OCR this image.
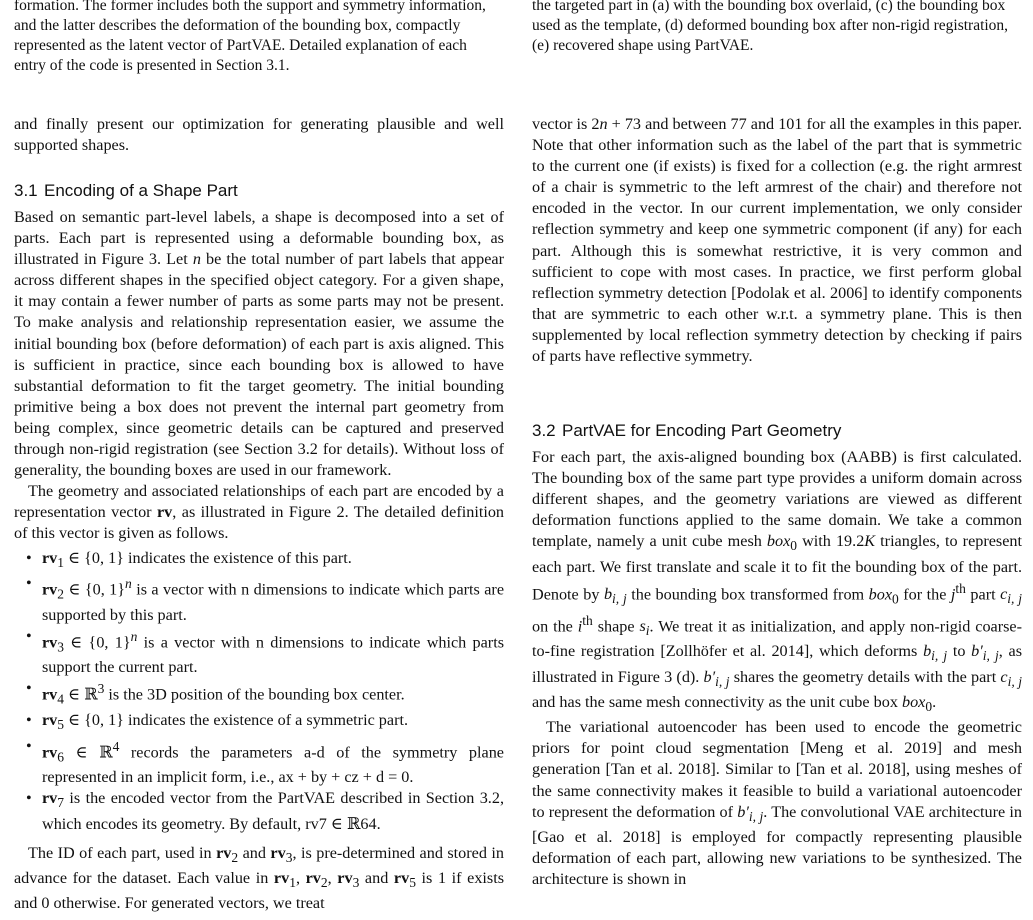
formation. The former includes both the support and symmetry information,

and the latter describes the deformation of the bounding box, compactly

represented as the latent vector of PartVAE. Detailed explanation of each

entry of the code is presented in Section 3.1.

and finally present our optimization for generating plausible and well supported shapes.

3.1 Encoding of a Shape Part

Based on semantic part-level labels, a shape is decomposed into a set of parts. Each part is represented using a deformable bounding box, as illustrated in Figure 3. Let n be the total number of part labels that appear across different shapes in the specified object category. For a given shape, it may contain a fewer number of parts as some parts may not be present. To make analysis and relationship representation easier, we assume the initial bounding box (before deformation) of each part is axis aligned. This is sufficient in practice, since each bounding box is allowed to have substantial deformation to fit the target geometry. The initial bounding primitive being a box does not prevent the internal part geometry from being complex, since geometric details can be captured and preserved through non-rigid registration (see Section 3.2 for details). Without loss of generality, the bounding boxes are used in our framework.

The geometry and associated relationships of each part are encoded by a representation vector rv, as illustrated in Figure 2. The detailed definition of this vector is given as follows.

• $rv_1$ ∈ {0, 1} indicates the existence of this part.
• $rv_2$ ∈ {0, 1}$^n$ is a vector with n dimensions to indicate which parts are supported by this part.
• $rv_3$ ∈ {0, 1}$^n$ is a vector with n dimensions to indicate which parts support the current part.
• $rv_4$ ∈ ℝ$^3$ is the 3D position of the bounding box center.
• $rv_5$ ∈ {0, 1} indicates the existence of a symmetric part.
• $rv_6$ ∈ ℝ$^4$ records the parameters a-d of the symmetry plane represented in an implicit form, i.e., ax + by + cz + d = 0.
• $rv_7$ is the encoded vector from the PartVAE described in Section 3.2, which encodes its geometry. By default, rv7 ∈ ℝ64.

The ID of each part, used in $rv_2$ and $rv_3$, is pre-determined and stored in advance for the dataset. Each value in $rv_1$, $rv_2$, $rv_3$ and $rv_5$ is 1 if exists and 0 otherwise. For generated vectors, we treat

the targeted part in (a) with the bounding box overlaid, (c) the bounding box

used as the template, (d) deformed bounding box after non-rigid registration,

(e) recovered shape using PartVAE.

vector is 2n + 73 and between 77 and 101 for all the examples in this paper. Note that other information such as the label of the part that is symmetric to the current one (if exists) is fixed for a collection (e.g. the right armrest of a chair is symmetric to the left armrest of the chair) and therefore not encoded in the vector. In our current implementation, we only consider reflection symmetry and keep one symmetric component (if any) for each part. Although this is somewhat restrictive, it is very common and sufficient to cope with most cases. In practice, we first perform global reflection symmetry detection [Podolak et al. 2006] to identify components that are symmetric to each other w.r.t. a symmetry plane. This is then supplemented by local reflection symmetry detection by checking if pairs of parts have reflective symmetry.

3.2 PartVAE for Encoding Part Geometry

For each part, the axis-aligned bounding box (AABB) is first calculated. The bounding box of the same part type provides a uniform domain across different shapes, and the geometry variations are viewed as different deformation functions applied to the same domain. We take a common template, namely a unit cube mesh box$_0$ with 19.2K triangles, to represent each part. We first translate and scale it to fit the bounding box of the part. Denote by $b_{i, j}$ the bounding box transformed from box$_0$ for the $j^{th}$ part $c_{i, j}$ on the $i^{th}$ shape $s_i$. We treat it as initialization, and apply non-rigid coarse-to-fine registration [Zollhöfer et al. 2014], which deforms $b_{i, j}$ to $b'_{i, j}$, as illustrated in Figure 3 (d). $b'_{i, j}$ shares the geometry details with the part $c_{i, j}$ and has the same mesh connectivity as the unit cube box box$_0$.

The variational autoencoder has been used to encode the geometric priors for point cloud segmentation [Meng et al. 2019] and mesh generation [Tan et al. 2018]. Similar to [Tan et al. 2018], using meshes of the same connectivity makes it feasible to build a variational autoencoder to represent the deformation of $b'_{i, j}$. The convolutional VAE architecture in [Gao et al. 2018] is employed for compactly representing plausible deformation of each part, allowing new variations to be synthesized. The architecture is shown in
